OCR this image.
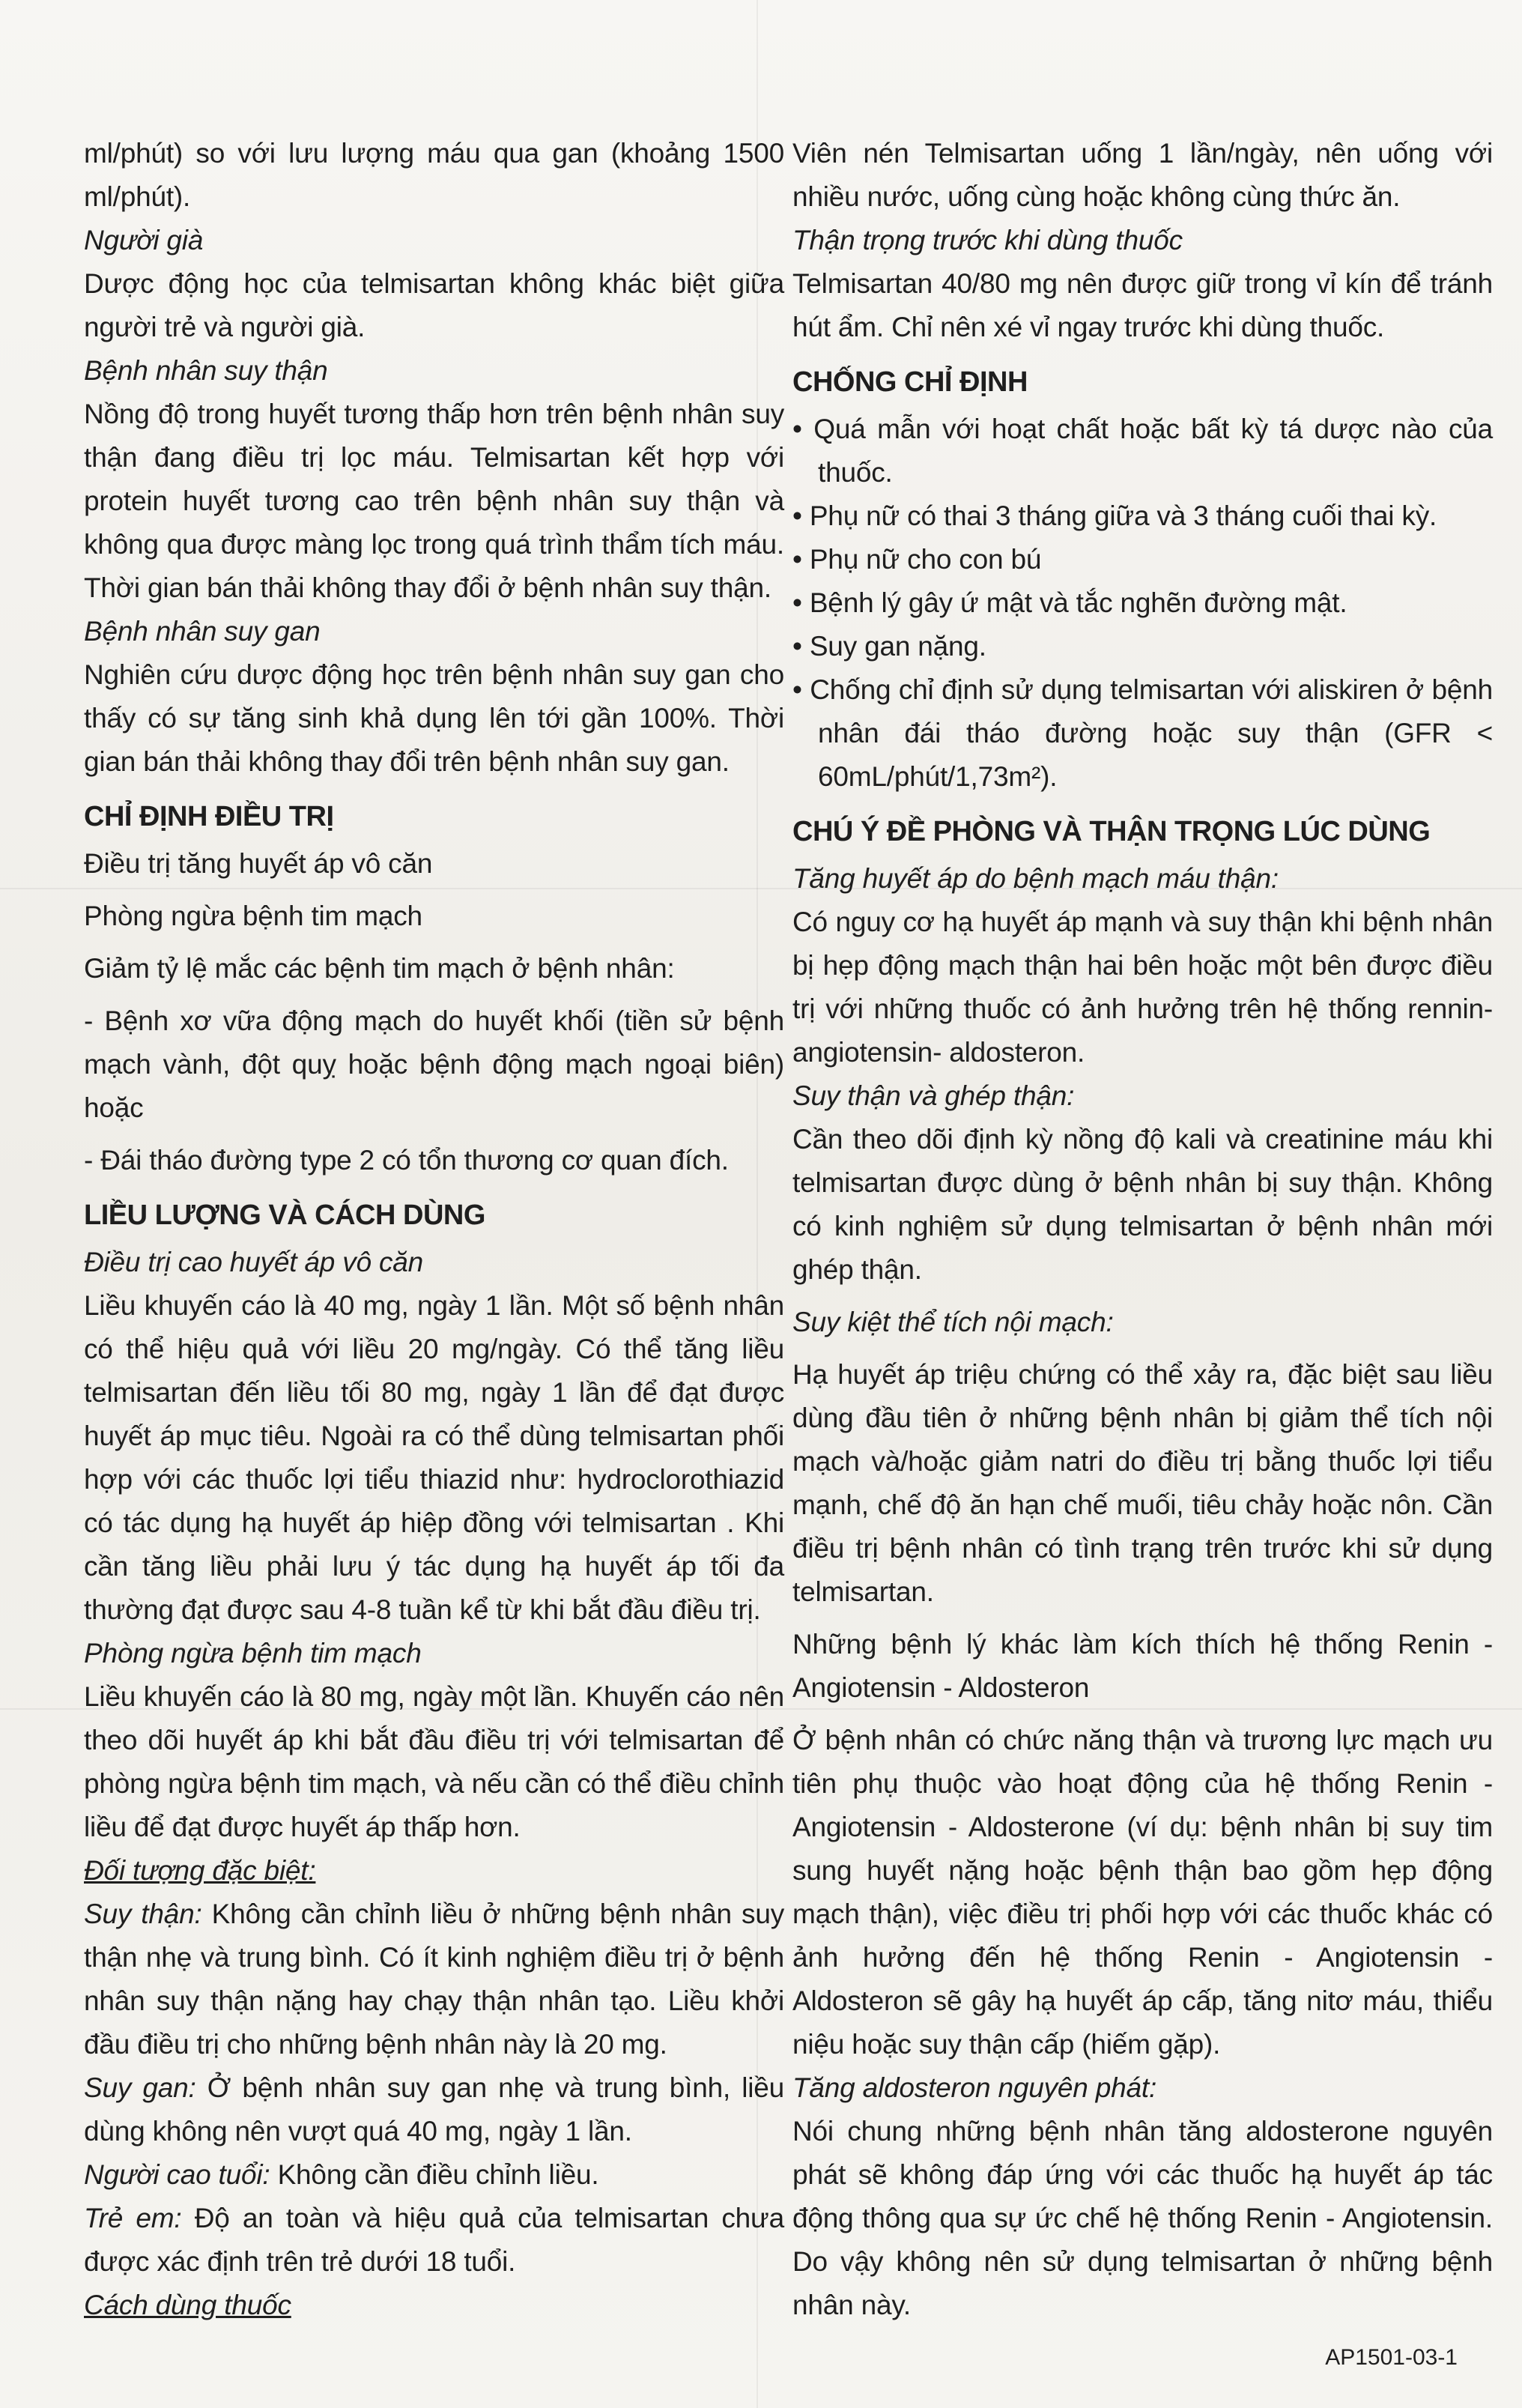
ml/phút) so với lưu lượng máu qua gan (khoảng 1500 ml/phút).

Người già

Dược động học của telmisartan không khác biệt giữa người trẻ và người già.

Bệnh nhân suy thận

Nồng độ trong huyết tương thấp hơn trên bệnh nhân suy thận đang điều trị lọc máu. Telmisartan kết hợp với protein huyết tương cao trên bệnh nhân suy thận và không qua được màng lọc trong quá trình thẩm tích máu. Thời gian bán thải không thay đổi ở bệnh nhân suy thận.

Bệnh nhân suy gan

Nghiên cứu dược động học trên bệnh nhân suy gan cho thấy có sự tăng sinh khả dụng lên tới gần 100%. Thời gian bán thải không thay đổi trên bệnh nhân suy gan.

CHỈ ĐỊNH ĐIỀU TRỊ

Điều trị tăng huyết áp vô căn

Phòng ngừa bệnh tim mạch

Giảm tỷ lệ mắc các bệnh tim mạch ở bệnh nhân:

- Bệnh xơ vữa động mạch do huyết khối (tiền sử bệnh mạch vành, đột quỵ hoặc bệnh động mạch ngoại biên) hoặc

- Đái tháo đường type 2 có tổn thương cơ quan đích.

LIỀU LƯỢNG VÀ CÁCH DÙNG

Điều trị cao huyết áp vô căn

Liều khuyến cáo là 40 mg, ngày 1 lần. Một số bệnh nhân có thể hiệu quả với liều 20 mg/ngày. Có thể tăng liều telmisartan đến liều tối 80 mg, ngày 1 lần để đạt được huyết áp mục tiêu. Ngoài ra có thể dùng telmisartan phối hợp với các thuốc lợi tiểu thiazid như: hydroclorothiazid có tác dụng hạ huyết áp hiệp đồng với telmisartan . Khi cần tăng liều phải lưu ý tác dụng hạ huyết áp tối đa thường đạt được sau 4-8 tuần kể từ khi bắt đầu điều trị.

Phòng ngừa bệnh tim mạch

Liều khuyến cáo là 80 mg, ngày một lần. Khuyến cáo nên theo dõi huyết áp khi bắt đầu điều trị với telmisartan để phòng ngừa bệnh tim mạch, và nếu cần có thể điều chỉnh liều để đạt được huyết áp thấp hơn.

Đối tượng đặc biệt:

Suy thận: Không cần chỉnh liều ở những bệnh nhân suy thận nhẹ và trung bình. Có ít kinh nghiệm điều trị ở bệnh nhân suy thận nặng hay chạy thận nhân tạo. Liều khởi đầu điều trị cho những bệnh nhân này là 20 mg.

Suy gan: Ở bệnh nhân suy gan nhẹ và trung bình, liều dùng không nên vượt quá 40 mg, ngày 1 lần.

Người cao tuổi: Không cần điều chỉnh liều.

Trẻ em: Độ an toàn và hiệu quả của telmisartan chưa được xác định trên trẻ dưới 18 tuổi.

Cách dùng thuốc

Viên nén Telmisartan uống 1 lần/ngày, nên uống với nhiều nước, uống cùng hoặc không cùng thức ăn.

Thận trọng trước khi dùng thuốc

Telmisartan 40/80 mg nên được giữ trong vỉ kín để tránh hút ẩm. Chỉ nên xé vỉ ngay trước khi dùng thuốc.

CHỐNG CHỈ ĐỊNH

• Quá mẫn với hoạt chất hoặc bất kỳ tá dược nào của thuốc.

• Phụ nữ có thai 3 tháng giữa và 3 tháng cuối thai kỳ.

• Phụ nữ cho con bú

• Bệnh lý gây ứ mật và tắc nghẽn đường mật.

• Suy gan nặng.

• Chống chỉ định sử dụng telmisartan với aliskiren ở bệnh nhân đái tháo đường hoặc suy thận (GFR < 60mL/phút/1,73m²).

CHÚ Ý ĐỀ PHÒNG VÀ THẬN TRỌNG LÚC DÙNG

Tăng huyết áp do bệnh mạch máu thận:

Có nguy cơ hạ huyết áp mạnh và suy thận khi bệnh nhân bị hẹp động mạch thận hai bên hoặc một bên được điều trị với những thuốc có ảnh hưởng trên hệ thống rennin-angiotensin- aldosteron.

Suy thận và ghép thận:

Cần theo dõi định kỳ nồng độ kali và creatinine máu khi telmisartan được dùng ở bệnh nhân bị suy thận. Không có kinh nghiệm sử dụng telmisartan ở bệnh nhân mới ghép thận.

Suy kiệt thể tích nội mạch:

Hạ huyết áp triệu chứng có thể xảy ra, đặc biệt sau liều dùng đầu tiên ở những bệnh nhân bị giảm thể tích nội mạch và/hoặc giảm natri do điều trị bằng thuốc lợi tiểu mạnh, chế độ ăn hạn chế muối, tiêu chảy hoặc nôn. Cần điều trị bệnh nhân có tình trạng trên trước khi sử dụng telmisartan.

Những bệnh lý khác làm kích thích hệ thống Renin - Angiotensin - Aldosteron

Ở bệnh nhân có chức năng thận và trương lực mạch ưu tiên phụ thuộc vào hoạt động của hệ thống Renin - Angiotensin - Aldosterone (ví dụ: bệnh nhân bị suy tim sung huyết nặng hoặc bệnh thận bao gồm hẹp động mạch thận), việc điều trị phối hợp với các thuốc khác có ảnh hưởng đến hệ thống Renin - Angiotensin - Aldosteron sẽ gây hạ huyết áp cấp, tăng nitơ máu, thiểu niệu hoặc suy thận cấp (hiếm gặp).

Tăng aldosteron nguyên phát:

Nói chung những bệnh nhân tăng aldosterone nguyên phát sẽ không đáp ứng với các thuốc hạ huyết áp tác động thông qua sự ức chế hệ thống Renin - Angiotensin. Do vậy không nên sử dụng telmisartan ở những bệnh nhân này.

AP1501-03-1
